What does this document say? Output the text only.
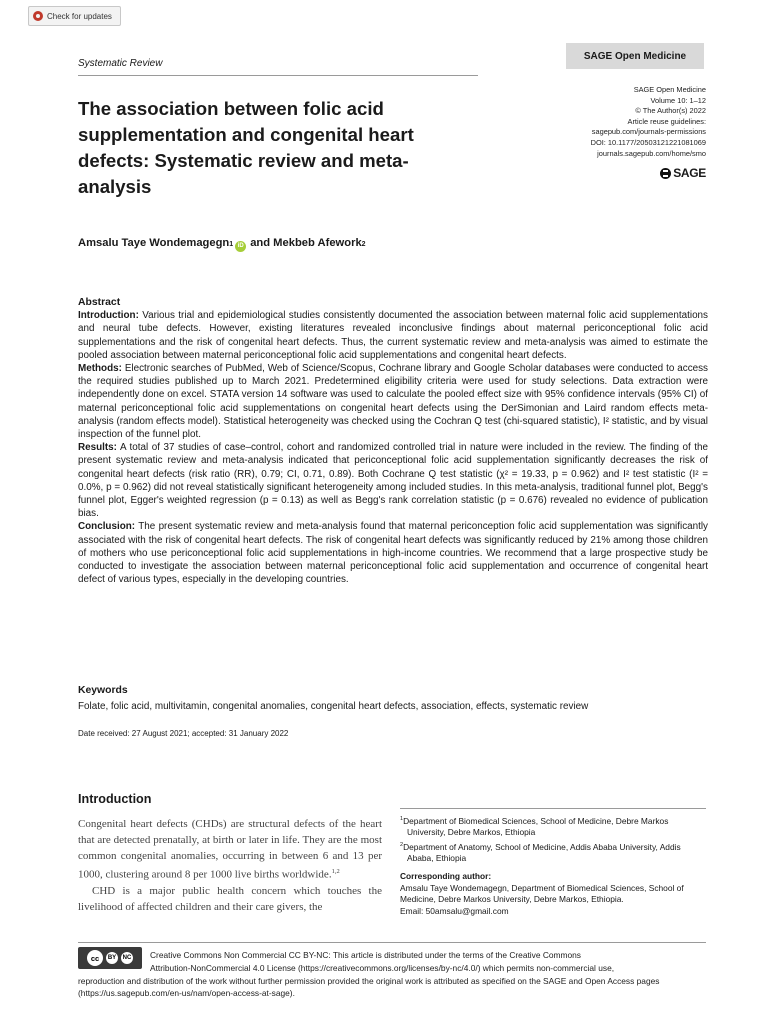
Check for updates
Systematic Review
SAGE Open Medicine
SAGE Open Medicine
Volume 10: 1–12
© The Author(s) 2022
Article reuse guidelines:
sagepub.com/journals-permissions
DOI: 10.1177/20503121221081069
journals.sagepub.com/home/smo
SAGE
The association between folic acid supplementation and congenital heart defects: Systematic review and meta-analysis
Amsalu Taye Wondemagegn 1 iD and Mekbeb Afework 2
Abstract

Introduction: Various trial and epidemiological studies consistently documented the association between maternal folic acid supplementations and neural tube defects. However, existing literatures revealed inconclusive findings about maternal periconceptional folic acid supplementations and the risk of congenital heart defects. Thus, the current systematic review and meta-analysis was aimed to estimate the pooled association between maternal periconceptional folic acid supplementations and congenital heart defects.

Methods: Electronic searches of PubMed, Web of Science/Scopus, Cochrane library and Google Scholar databases were conducted to access the required studies published up to March 2021. Predetermined eligibility criteria were used for study selections. Data extraction were independently done on excel. STATA version 14 software was used to calculate the pooled effect size with 95% confidence intervals (95% CI) of maternal periconceptional folic acid supplementations on congenital heart defects using the DerSimonian and Laird random effects meta-analysis (random effects model). Statistical heterogeneity was checked using the Cochran Q test (chi-squared statistic), I² statistic, and by visual inspection of the funnel plot.

Results: A total of 37 studies of case–control, cohort and randomized controlled trial in nature were included in the review. The finding of the present systematic review and meta-analysis indicated that periconceptional folic acid supplementation significantly decreases the risk of congenital heart defects (risk ratio (RR), 0.79; CI, 0.71, 0.89). Both Cochrane Q test statistic (χ² = 19.33, p = 0.962) and I² test statistic (I² = 0.0%, p = 0.962) did not reveal statistically significant heterogeneity among included studies. In this meta-analysis, traditional funnel plot, Begg's funnel plot, Egger's weighted regression (p = 0.13) as well as Begg's rank correlation statistic (p = 0.676) revealed no evidence of publication bias.

Conclusion: The present systematic review and meta-analysis found that maternal periconception folic acid supplementation was significantly associated with the risk of congenital heart defects. The risk of congenital heart defects was significantly reduced by 21% among those children of mothers who use periconceptional folic acid supplementations in high-income countries. We recommend that a large prospective study be conducted to investigate the association between maternal periconceptional folic acid supplementation and occurrence of congenital heart defect of various types, especially in the developing countries.

Keywords
Folate, folic acid, multivitamin, congenital anomalies, congenital heart defects, association, effects, systematic review
Date received: 27 August 2021; accepted: 31 January 2022
Introduction

Congenital heart defects (CHDs) are structural defects of the heart that are detected prenatally, at birth or later in life. They are the most common congenital anomalies, occurring in between 6 and 13 per 1000, clustering around 8 per 1000 live births worldwide.$^{1,2}$

CHD is a major public health concern which touches the livelihood of affected children and their care givers, the

$^1$Department of Biomedical Sciences, School of Medicine, Debre Markos University, Debre Markos, Ethiopia
$^2$Department of Anatomy, School of Medicine, Addis Ababa University, Addis Ababa, Ethiopia
Corresponding author:
Amsalu Taye Wondemagegn, Department of Biomedical Sciences, School of Medicine, Debre Markos University, Debre Markos, Ethiopia.
Email: 50amsalu@gmail.com
cc	BY	NC	Creative Commons Non Commercial CC BY-NC: This article is distributed under the terms of the Creative Commons
Attribution-NonCommercial 4.0 License (https://creativecommons.org/licenses/by-nc/4.0/) which permits non-commercial use,
reproduction and distribution of the work without further permission provided the original work is attributed as specified on the SAGE and Open Access pages (https://us.sagepub.com/en-us/nam/open-access-at-sage).
